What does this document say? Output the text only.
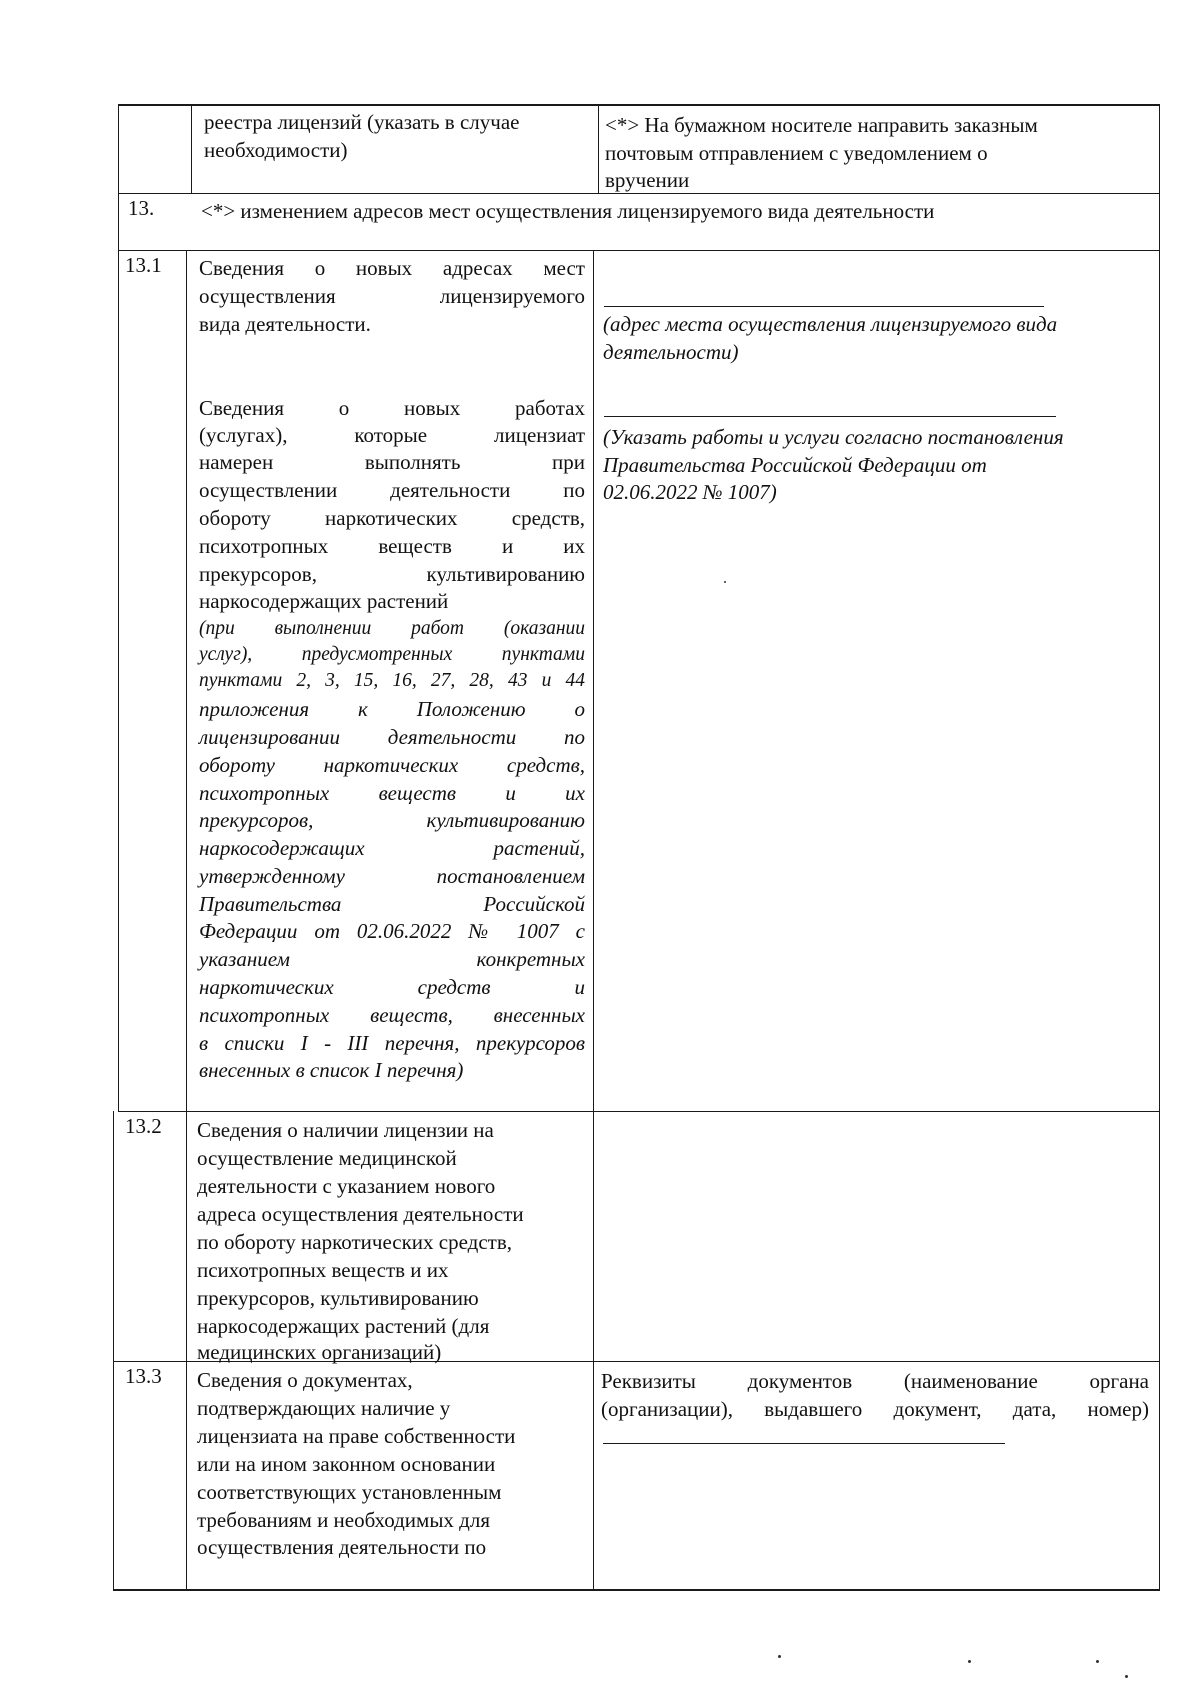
реестра лицензий (указать в случае
необходимости)
<*> На бумажном носителе направить заказным
почтовым отправлением с уведомлением о
вручении
13. <*> изменением адресов мест осуществления лицензируемого вида деятельности
13.1 Сведения о новых адресах мест
осуществления лицензируемого
вида деятельности.
Сведения о новых работах
(услугах), которые лицензиат
намерен выполнять при
осуществлении деятельности по
обороту наркотических средств,
психотропных веществ и их
прекурсоров, культивированию
наркосодержащих растений
(при выполнении работ (оказании
услуг), предусмотренных пунктами
пунктами 2, 3, 15, 16, 27, 28, 43 и 44
приложения к Положению о
лицензировании деятельности по
обороту наркотических средств,
психотропных веществ и их
прекурсоров, культивированию
наркосодержащих растений,
утвержденному постановлением
Правительства Российской
Федерации от 02.06.2022 № 1007 с
указанием конкретных
наркотических средств и
психотропных веществ, внесенных
в списки I - III перечня, прекурсоров
внесенных в список I перечня)
(адрес места осуществления лицензируемого вида
деятельности)
(Указать работы и услуги согласно постановления
Правительства Российской Федерации от
02.06.2022 № 1007)
13.2 Сведения о наличии лицензии на
осуществление медицинской
деятельности с указанием нового
адреса осуществления деятельности
по обороту наркотических средств,
психотропных веществ и их
прекурсоров, культивированию
наркосодержащих растений (для
медицинских организаций)
13.3 Сведения о документах,
подтверждающих наличие у
лицензиата на праве собственности
или на ином законном основании
соответствующих установленным
требованиям и необходимых для
осуществления деятельности по
Реквизиты документов (наименование органа
(организации), выдавшего документ, дата, номер)
